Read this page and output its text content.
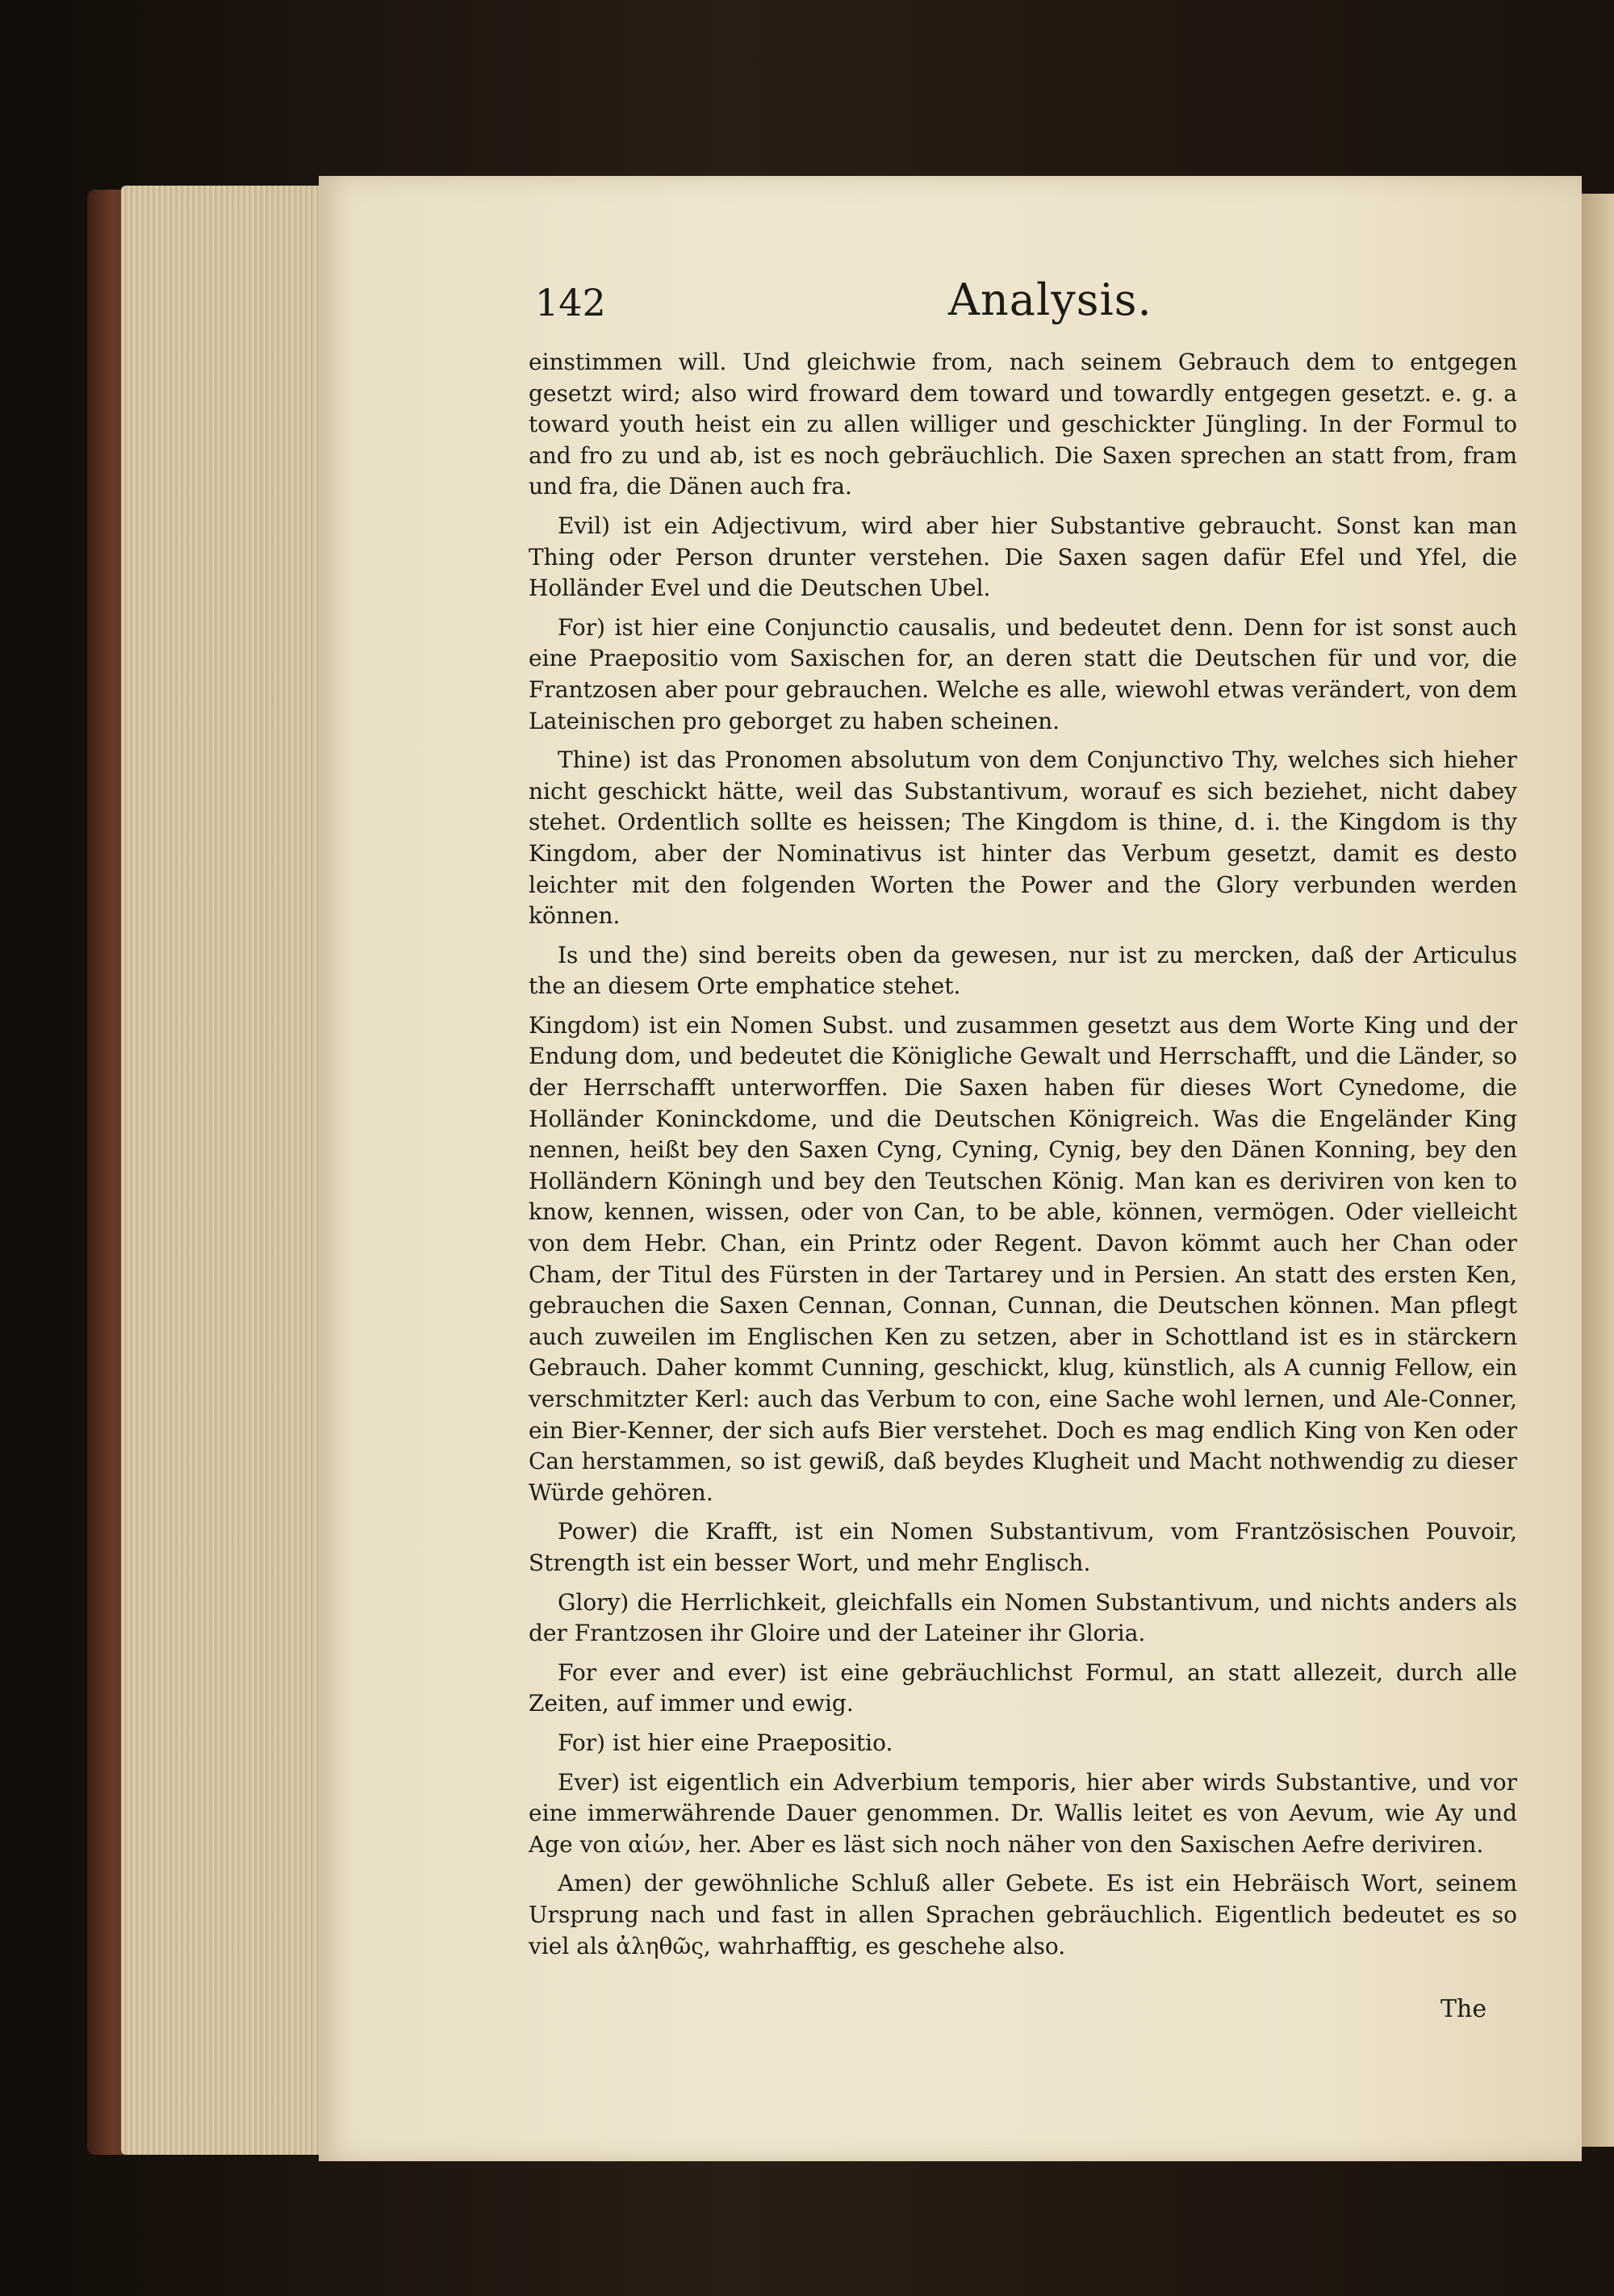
142	Analysis.

einstimmen will. Und gleichwie from, nach seinem Gebrauch dem to entgegen gesetzt wird; also wird froward dem toward und towardly entgegen gesetzt. e. g. a toward youth heist ein zu allen williger und geschickter Jüngling. In der Formul to and fro zu und ab, ist es noch gebräuchlich. Die Saxen sprechen an statt from, fram und fra, die Dänen auch fra.

Evil) ist ein Adjectivum, wird aber hier Substantive gebraucht. Sonst kan man Thing oder Person drunter verstehen. Die Saxen sagen dafür Efel und Yfel, die Holländer Evel und die Deutschen Ubel.

For) ist hier eine Conjunctio causalis, und bedeutet denn. Denn for ist sonst auch eine Praepositio vom Saxischen for, an deren statt die Deutschen für und vor, die Frantzosen aber pour gebrauchen. Welche es alle, wiewohl etwas verändert, von dem Lateinischen pro geborget zu haben scheinen.

Thine) ist das Pronomen absolutum von dem Conjunctivo Thy, welches sich hieher nicht geschickt hätte, weil das Substantivum, worauf es sich beziehet, nicht dabey stehet. Ordentlich sollte es heissen; The Kingdom is thine, d. i. the Kingdom is thy Kingdom, aber der Nominativus ist hinter das Verbum gesetzt, damit es desto leichter mit den folgenden Worten the Power and the Glory verbunden werden können.

Is und the) sind bereits oben da gewesen, nur ist zu mercken, daß der Articulus the an diesem Orte emphatice stehet.

Kingdom) ist ein Nomen Subst. und zusammen gesetzt aus dem Worte King und der Endung dom, und bedeutet die Königliche Gewalt und Herrschafft, und die Länder, so der Herrschafft unterworffen. Die Saxen haben für dieses Wort Cynedome, die Holländer Koninckdome, und die Deutschen Königreich. Was die Engeländer King nennen, heißt bey den Saxen Cyng, Cyning, Cynig, bey den Dänen Konning, bey den Holländern Köningh und bey den Teutschen König. Man kan es deriviren von ken to know, kennen, wissen, oder von Can, to be able, können, vermögen. Oder vielleicht von dem Hebr. Chan, ein Printz oder Regent. Davon kömmt auch her Chan oder Cham, der Titul des Fürsten in der Tartarey und in Persien. An statt des ersten Ken, gebrauchen die Saxen Cennan, Connan, Cunnan, die Deutschen können. Man pflegt auch zuweilen im Englischen Ken zu setzen, aber in Schottland ist es in stärckern Gebrauch. Daher kommt Cunning, geschickt, klug, künstlich, als A cunnig Fellow, ein verschmitzter Kerl: auch das Verbum to con, eine Sache wohl lernen, und Ale-Conner, ein Bier-Kenner, der sich aufs Bier verstehet. Doch es mag endlich King von Ken oder Can herstammen, so ist gewiß, daß beydes Klugheit und Macht nothwendig zu dieser Würde gehören.

Power) die Krafft, ist ein Nomen Substantivum, vom Frantzösischen Pouvoir, Strength ist ein besser Wort, und mehr Englisch.

Glory) die Herrlichkeit, gleichfalls ein Nomen Substantivum, und nichts anders als der Frantzosen ihr Gloire und der Lateiner ihr Gloria.

For ever and ever) ist eine gebräuchlichst Formul, an statt allezeit, durch alle Zeiten, auf immer und ewig.

For) ist hier eine Praepositio.

Ever) ist eigentlich ein Adverbium temporis, hier aber wirds Substantive, und vor eine immerwährende Dauer genommen. Dr. Wallis leitet es von Aevum, wie Ay und Age von αἰών, her. Aber es läst sich noch näher von den Saxischen Aefre deriviren.

Amen) der gewöhnliche Schluß aller Gebete. Es ist ein Hebräisch Wort, seinem Ursprung nach und fast in allen Sprachen gebräuchlich. Eigentlich bedeutet es so viel als ἀληθῶς, wahrhafftig, es geschehe also.

The
